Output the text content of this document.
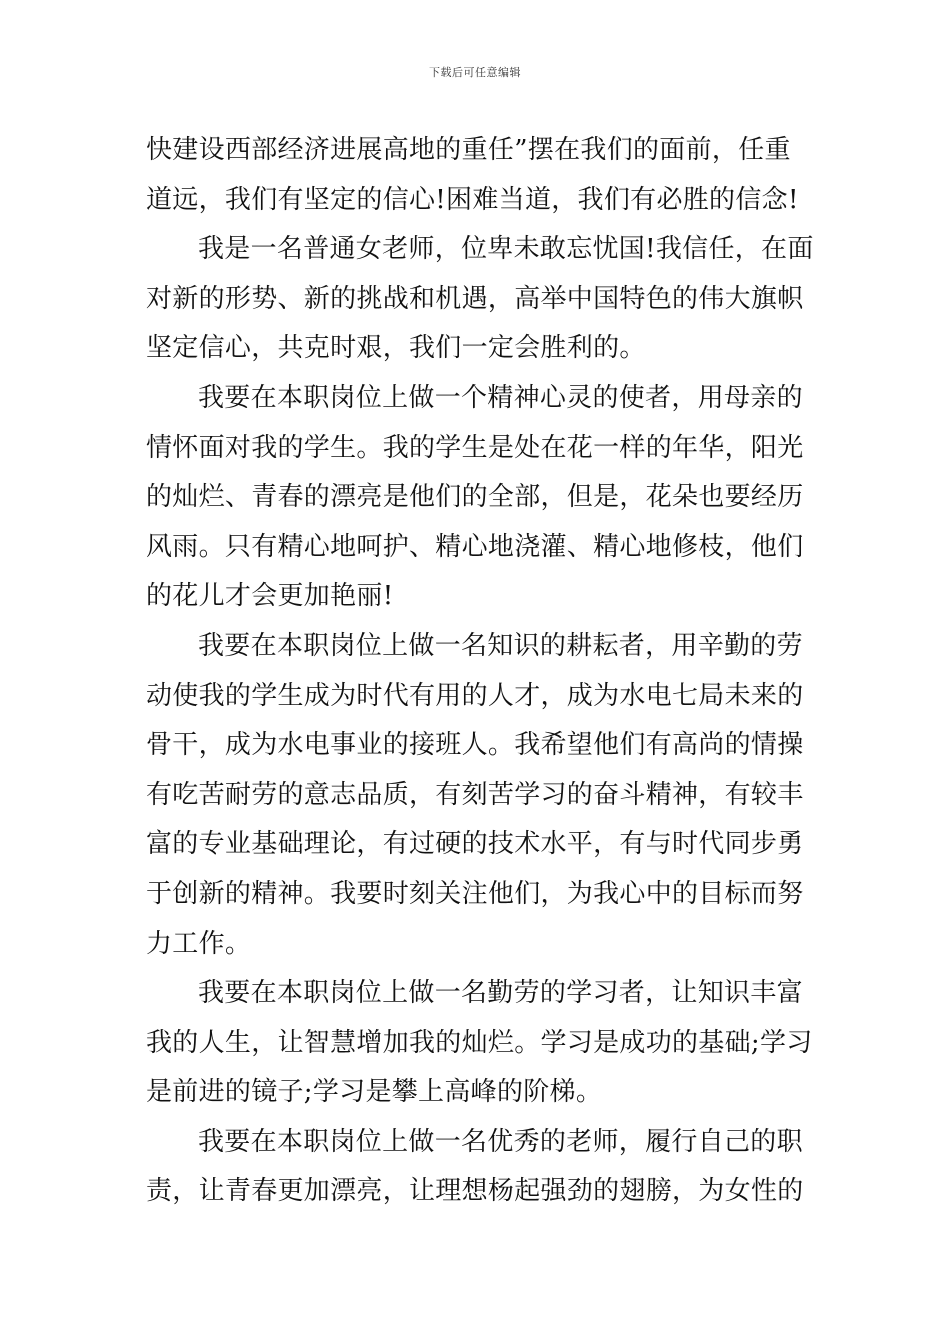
下载后可任意编辑
快建设西部经济进展高地的重任”摆在我们的面前，任重
道远，我们有坚定的信心!困难当道，我们有必胜的信念!
我是一名普通女老师，位卑未敢忘忧国!我信任，在面
对新的形势、新的挑战和机遇，高举中国特色的伟大旗帜
坚定信心，共克时艰，我们一定会胜利的。
我要在本职岗位上做一个精神心灵的使者，用母亲的
情怀面对我的学生。我的学生是处在花一样的年华，阳光
的灿烂、青春的漂亮是他们的全部，但是，花朵也要经历
风雨。只有精心地呵护、精心地浇灌、精心地修枝，他们
的花儿才会更加艳丽!
我要在本职岗位上做一名知识的耕耘者，用辛勤的劳
动使我的学生成为时代有用的人才，成为水电七局未来的
骨干，成为水电事业的接班人。我希望他们有高尚的情操
有吃苦耐劳的意志品质，有刻苦学习的奋斗精神，有较丰
富的专业基础理论，有过硬的技术水平，有与时代同步勇
于创新的精神。我要时刻关注他们，为我心中的目标而努
力工作。
我要在本职岗位上做一名勤劳的学习者，让知识丰富
我的人生，让智慧增加我的灿烂。学习是成功的基础;学习
是前进的镜子;学习是攀上高峰的阶梯。
我要在本职岗位上做一名优秀的老师，履行自己的职
责，让青春更加漂亮，让理想杨起强劲的翅膀，为女性的
